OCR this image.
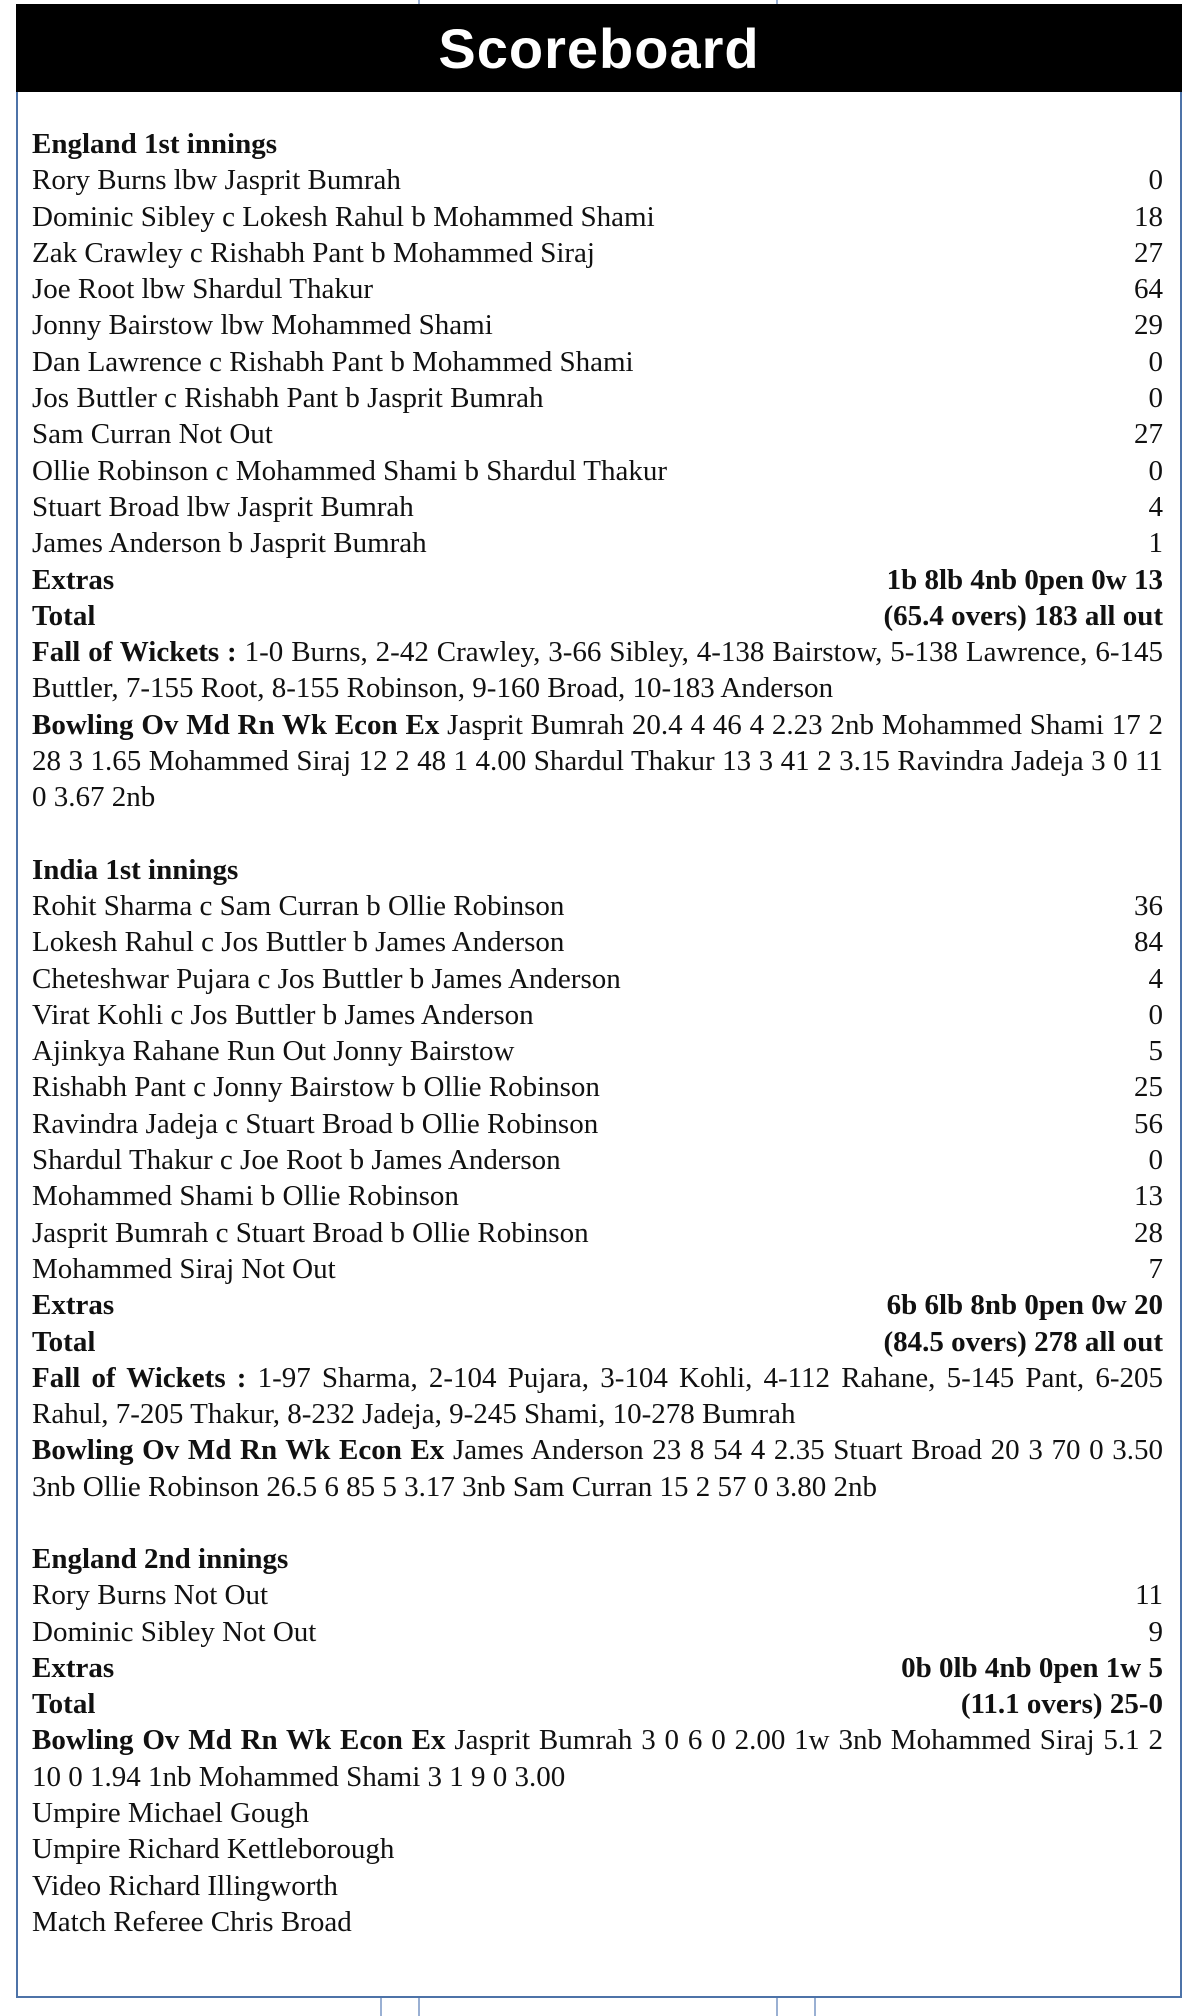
Scoreboard
England 1st innings
Rory Burns lbw Jasprit Bumrah	0
Dominic Sibley c Lokesh Rahul b Mohammed Shami	18
Zak Crawley c Rishabh Pant b Mohammed Siraj	27
Joe Root lbw Shardul Thakur	64
Jonny Bairstow lbw Mohammed Shami	29
Dan Lawrence c Rishabh Pant b Mohammed Shami	0
Jos Buttler c Rishabh Pant b Jasprit Bumrah	0
Sam Curran Not Out	27
Ollie Robinson c Mohammed Shami b Shardul Thakur	0
Stuart Broad lbw Jasprit Bumrah	4
James Anderson b Jasprit Bumrah	1
Extras	1b 8lb 4nb 0pen 0w 13
Total	(65.4 overs) 183 all out
Fall of Wickets : 1-0 Burns, 2-42 Crawley, 3-66 Sibley, 4-138 Bairstow, 5-138 Lawrence, 6-145 Buttler, 7-155 Root, 8-155 Robinson, 9-160 Broad, 10-183 Anderson
Bowling Ov Md Rn Wk Econ Ex Jasprit Bumrah 20.4 4 46 4 2.23 2nb Mohammed Shami 17 2 28 3 1.65 Mohammed Siraj 12 2 48 1 4.00 Shardul Thakur 13 3 41 2 3.15 Ravindra Jadeja 3 0 11 0 3.67 2nb
India 1st innings
Rohit Sharma c Sam Curran b Ollie Robinson	36
Lokesh Rahul c Jos Buttler b James Anderson	84
Cheteshwar Pujara c Jos Buttler b James Anderson	4
Virat Kohli c Jos Buttler b James Anderson	0
Ajinkya Rahane Run Out Jonny Bairstow	5
Rishabh Pant c Jonny Bairstow b Ollie Robinson	25
Ravindra Jadeja c Stuart Broad b Ollie Robinson	56
Shardul Thakur c Joe Root b James Anderson	0
Mohammed Shami b Ollie Robinson	13
Jasprit Bumrah c Stuart Broad b Ollie Robinson	28
Mohammed Siraj Not Out	7
Extras	6b 6lb 8nb 0pen 0w 20
Total	(84.5 overs) 278 all out
Fall of Wickets : 1-97 Sharma, 2-104 Pujara, 3-104 Kohli, 4-112 Rahane, 5-145 Pant, 6-205 Rahul, 7-205 Thakur, 8-232 Jadeja, 9-245 Shami, 10-278 Bumrah
Bowling Ov Md Rn Wk Econ Ex James Anderson 23 8 54 4 2.35 Stuart Broad 20 3 70 0 3.50 3nb Ollie Robinson 26.5 6 85 5 3.17 3nb Sam Curran 15 2 57 0 3.80 2nb
England 2nd innings
Rory Burns Not Out	11
Dominic Sibley Not Out	9
Extras	0b 0lb 4nb 0pen 1w 5
Total	(11.1 overs) 25-0
Bowling Ov Md Rn Wk Econ Ex Jasprit Bumrah 3 0 6 0 2.00 1w 3nb Mohammed Siraj 5.1 2 10 0 1.94 1nb Mohammed Shami 3 1 9 0 3.00
Umpire Michael Gough
Umpire Richard Kettleborough
Video Richard Illingworth
Match Referee Chris Broad
